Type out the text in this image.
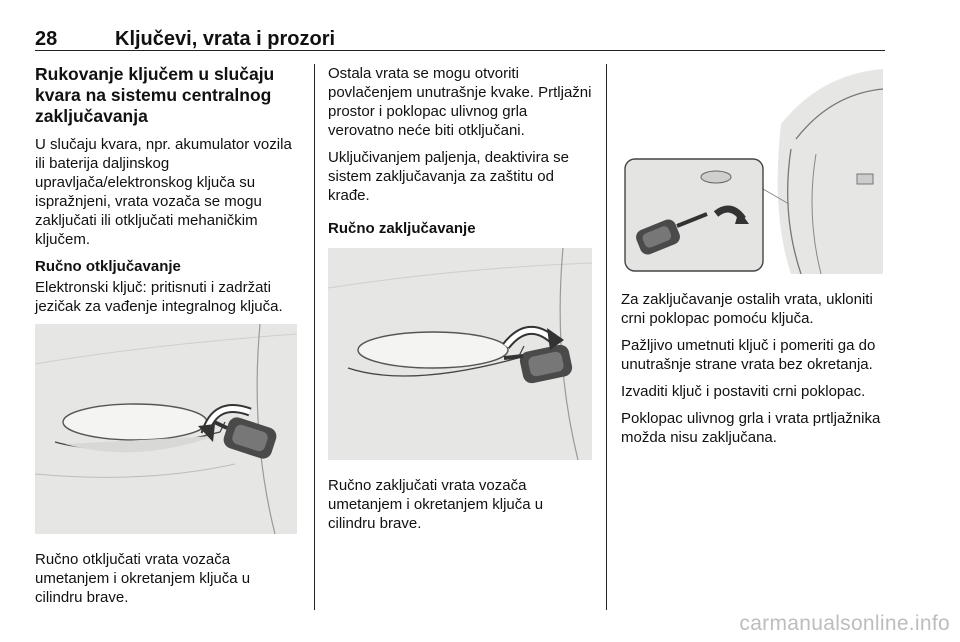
28	Ključevi, vrata i prozori
Rukovanje ključem u slučaju kvara na sistemu centralnog zaključavanja

U slučaju kvara, npr. akumulator vozila ili baterija daljinskog upravljača/elektronskog ključa su ispražnjeni, vrata vozača se mogu zaključati ili otključati mehaničkim ključem.

Ručno otključavanje

Elektronski ključ: pritisnuti i zadržati jezičak za vađenje integralnog ključa.

Ručno otključati vrata vozača umetanjem i okretanjem ključa u cilindru brave.

Ostala vrata se mogu otvoriti povlačenjem unutrašnje kvake. Prtljažni prostor i poklopac ulivnog grla verovatno neće biti otključani.

Uključivanjem paljenja, deaktivira se sistem zaključavanja za zaštitu od krađe.

Ručno zaključavanje

Ručno zaključati vrata vozača umetanjem i okretanjem ključa u cilindru brave.

Za zaključavanje ostalih vrata, ukloniti crni poklopac pomoću ključa.

Pažljivo umetnuti ključ i pomeriti ga do unutrašnje strane vrata bez okretanja.

Izvaditi ključ i postaviti crni poklopac.

Poklopac ulivnog grla i vrata prtljažnika možda nisu zaključana.

carmanualsonline.info
